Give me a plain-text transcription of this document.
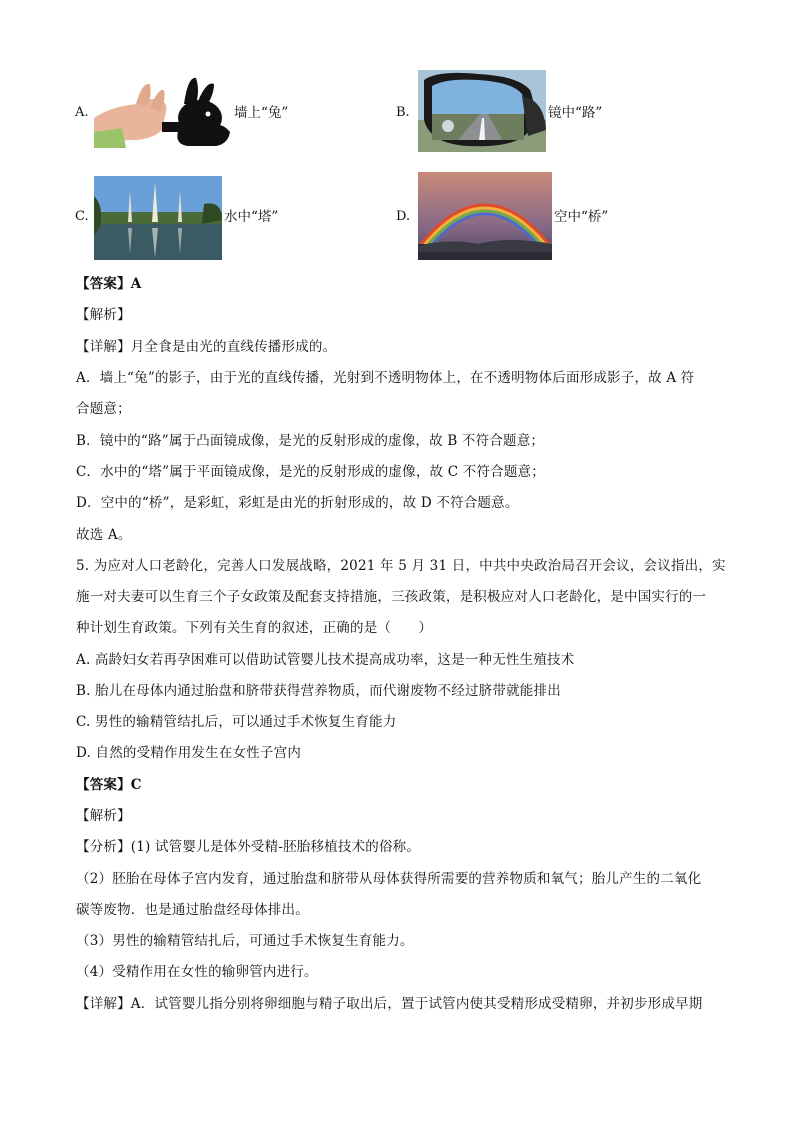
A.	墙上“兔”	B.	镜中“路”
C.	水中“塔”	D.	空中“桥”
【答案】A
【解析】
【详解】月全食是由光的直线传播形成的。
A．墙上“兔”的影子，由于光的直线传播，光射到不透明物体上，在不透明物体后面形成影子，故 A 符
合题意；
B．镜中的“路”属于凸面镜成像，是光的反射形成的虚像，故 B 不符合题意；
C．水中的“塔”属于平面镜成像，是光的反射形成的虚像，故 C 不符合题意；
D．空中的“桥”，是彩虹，彩虹是由光的折射形成的，故 D 不符合题意。
故选 A。
5. 为应对人口老龄化，完善人口发展战略，2021 年 5 月 31 日，中共中央政治局召开会议，会议指出，实
施一对夫妻可以生育三个子女政策及配套支持措施，三孩政策，是积极应对人口老龄化，是中国实行的一
种计划生育政策。下列有关生育的叙述，正确的是（　　）
A. 高龄妇女若再孕困难可以借助试管婴儿技术提高成功率，这是一种无性生殖技术
B. 胎儿在母体内通过胎盘和脐带获得营养物质，而代谢废物不经过脐带就能排出
C. 男性的输精管结扎后，可以通过手术恢复生育能力
D. 自然的受精作用发生在女性子宫内
【答案】C
【解析】
【分析】(1) 试管婴儿是体外受精-胚胎移植技术的俗称。
（2）胚胎在母体子宫内发育，通过胎盘和脐带从母体获得所需要的营养物质和氧气；胎儿产生的二氧化
碳等废物．也是通过胎盘经母体排出。
（3）男性的输精管结扎后，可通过手术恢复生育能力。
（4）受精作用在女性的输卵管内进行。
【详解】A．试管婴儿指分别将卵细胞与精子取出后，置于试管内使其受精形成受精卵，并初步形成早期
